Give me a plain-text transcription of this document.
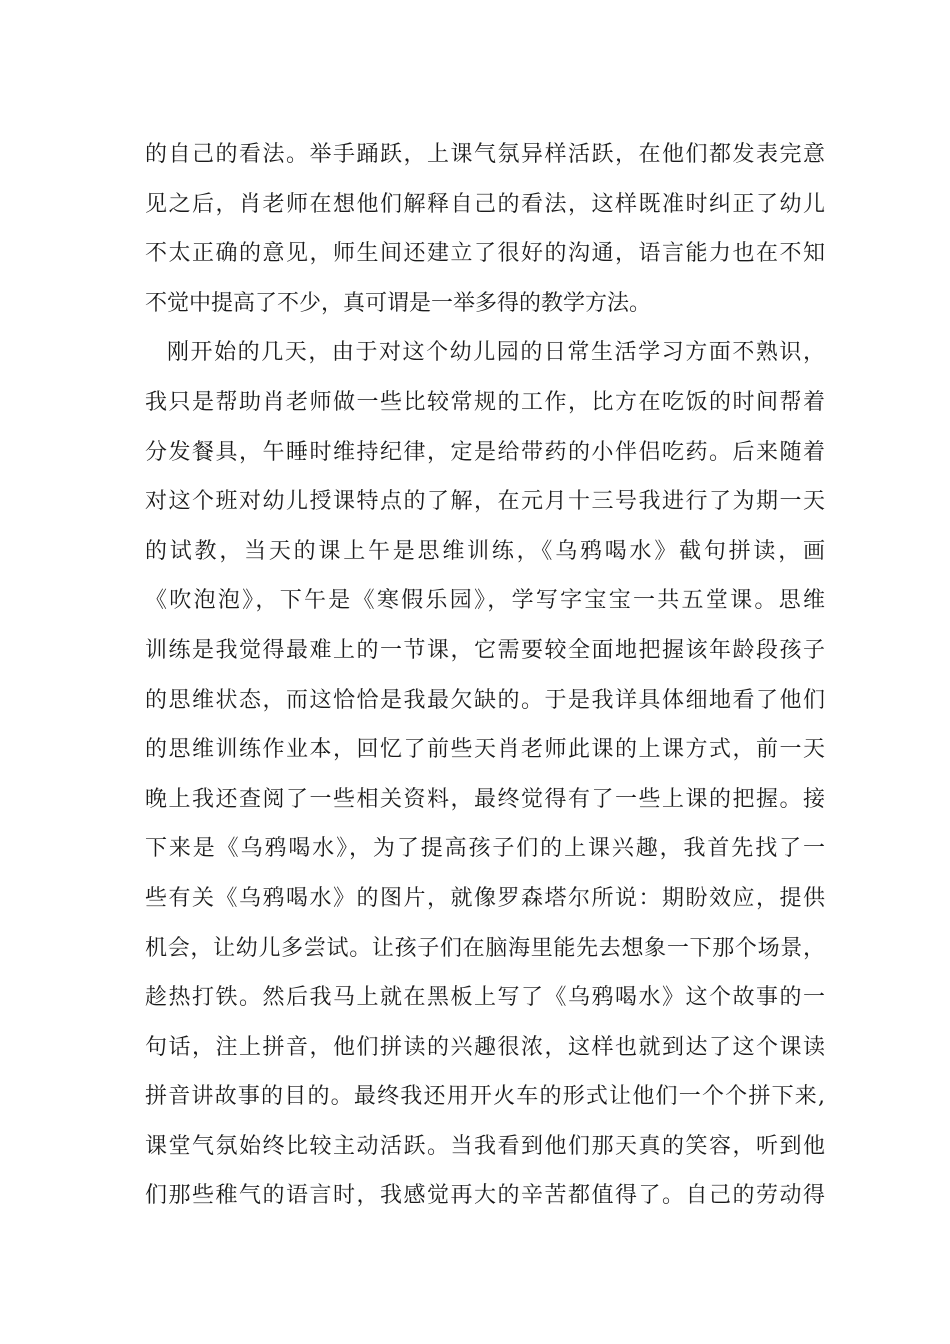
的自己的看法。举手踊跃，上课气氛异样活跃，在他们都发表完意
见之后，肖老师在想他们解释自己的看法，这样既准时纠正了幼儿
不太正确的意见，师生间还建立了很好的沟通，语言能力也在不知
不觉中提高了不少，真可谓是一举多得的教学方法。
刚开始的几天，由于对这个幼儿园的日常生活学习方面不熟识，
我只是帮助肖老师做一些比较常规的工作，比方在吃饭的时间帮着
分发餐具，午睡时维持纪律，定是给带药的小伴侣吃药。后来随着
对这个班对幼儿授课特点的了解，在元月十三号我进行了为期一天
的试教，当天的课上午是思维训练，《乌鸦喝水》截句拼读，画
《吹泡泡》，下午是《寒假乐园》，学写字宝宝一共五堂课。思维
训练是我觉得最难上的一节课，它需要较全面地把握该年龄段孩子
的思维状态，而这恰恰是我最欠缺的。于是我详具体细地看了他们
的思维训练作业本，回忆了前些天肖老师此课的上课方式，前一天
晚上我还查阅了一些相关资料，最终觉得有了一些上课的把握。接
下来是《乌鸦喝水》，为了提高孩子们的上课兴趣，我首先找了一
些有关《乌鸦喝水》的图片，就像罗森塔尔所说：期盼效应，提供
机会，让幼儿多尝试。让孩子们在脑海里能先去想象一下那个场景，
趁热打铁。然后我马上就在黑板上写了《乌鸦喝水》这个故事的一
句话，注上拼音，他们拼读的兴趣很浓，这样也就到达了这个课读
拼音讲故事的目的。最终我还用开火车的形式让他们一个个拼下来,
课堂气氛始终比较主动活跃。当我看到他们那天真的笑容，听到他
们那些稚气的语言时，我感觉再大的辛苦都值得了。自己的劳动得
